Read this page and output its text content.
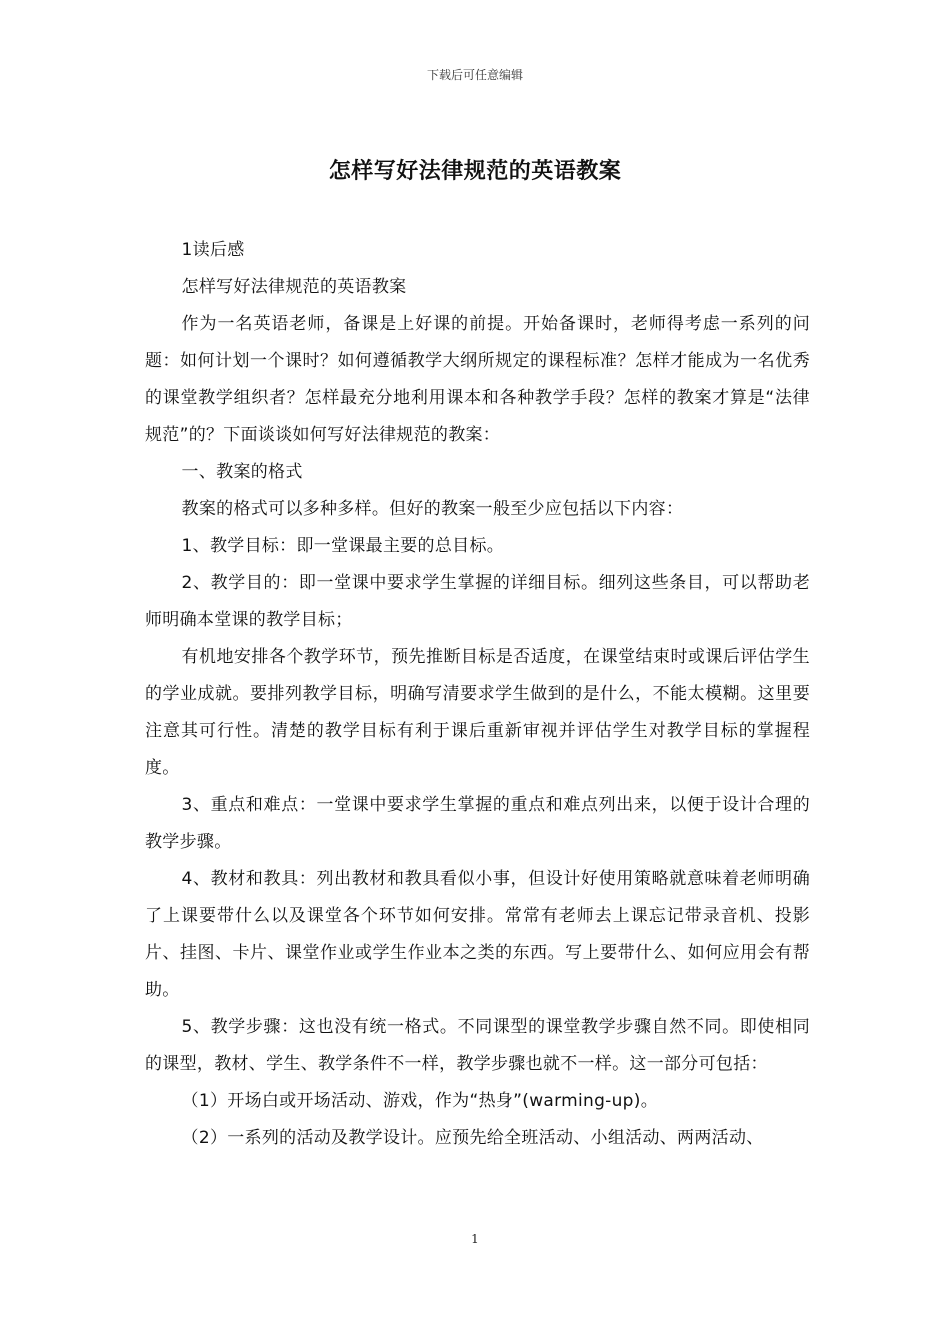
下载后可任意编辑
怎样写好法律规范的英语教案

1读后感

怎样写好法律规范的英语教案

作为一名英语老师，备课是上好课的前提。开始备课时，老师得考虑一系列的问题：如何计划一个课时？如何遵循教学大纲所规定的课程标准？怎样才能成为一名优秀的课堂教学组织者？怎样最充分地利用课本和各种教学手段？怎样的教案才算是“法律规范”的？下面谈谈如何写好法律规范的教案：

一、教案的格式

教案的格式可以多种多样。但好的教案一般至少应包括以下内容：

1、教学目标：即一堂课最主要的总目标。

2、教学目的：即一堂课中要求学生掌握的详细目标。细列这些条目，可以帮助老师明确本堂课的教学目标；

有机地安排各个教学环节，预先推断目标是否适度，在课堂结束时或课后评估学生的学业成就。要排列教学目标，明确写清要求学生做到的是什么，不能太模糊。这里要注意其可行性。清楚的教学目标有利于课后重新审视并评估学生对教学目标的掌握程度。

3、重点和难点：一堂课中要求学生掌握的重点和难点列出来，以便于设计合理的教学步骤。

4、教材和教具：列出教材和教具看似小事，但设计好使用策略就意味着老师明确了上课要带什么以及课堂各个环节如何安排。常常有老师去上课忘记带录音机、投影片、挂图、卡片、课堂作业或学生作业本之类的东西。写上要带什么、如何应用会有帮助。

5、教学步骤：这也没有统一格式。不同课型的课堂教学步骤自然不同。即使相同的课型，教材、学生、教学条件不一样，教学步骤也就不一样。这一部分可包括：

（1）开场白或开场活动、游戏，作为“热身”(warming-up)。

（2）一系列的活动及教学设计。应预先给全班活动、小组活动、两两活动、

1
